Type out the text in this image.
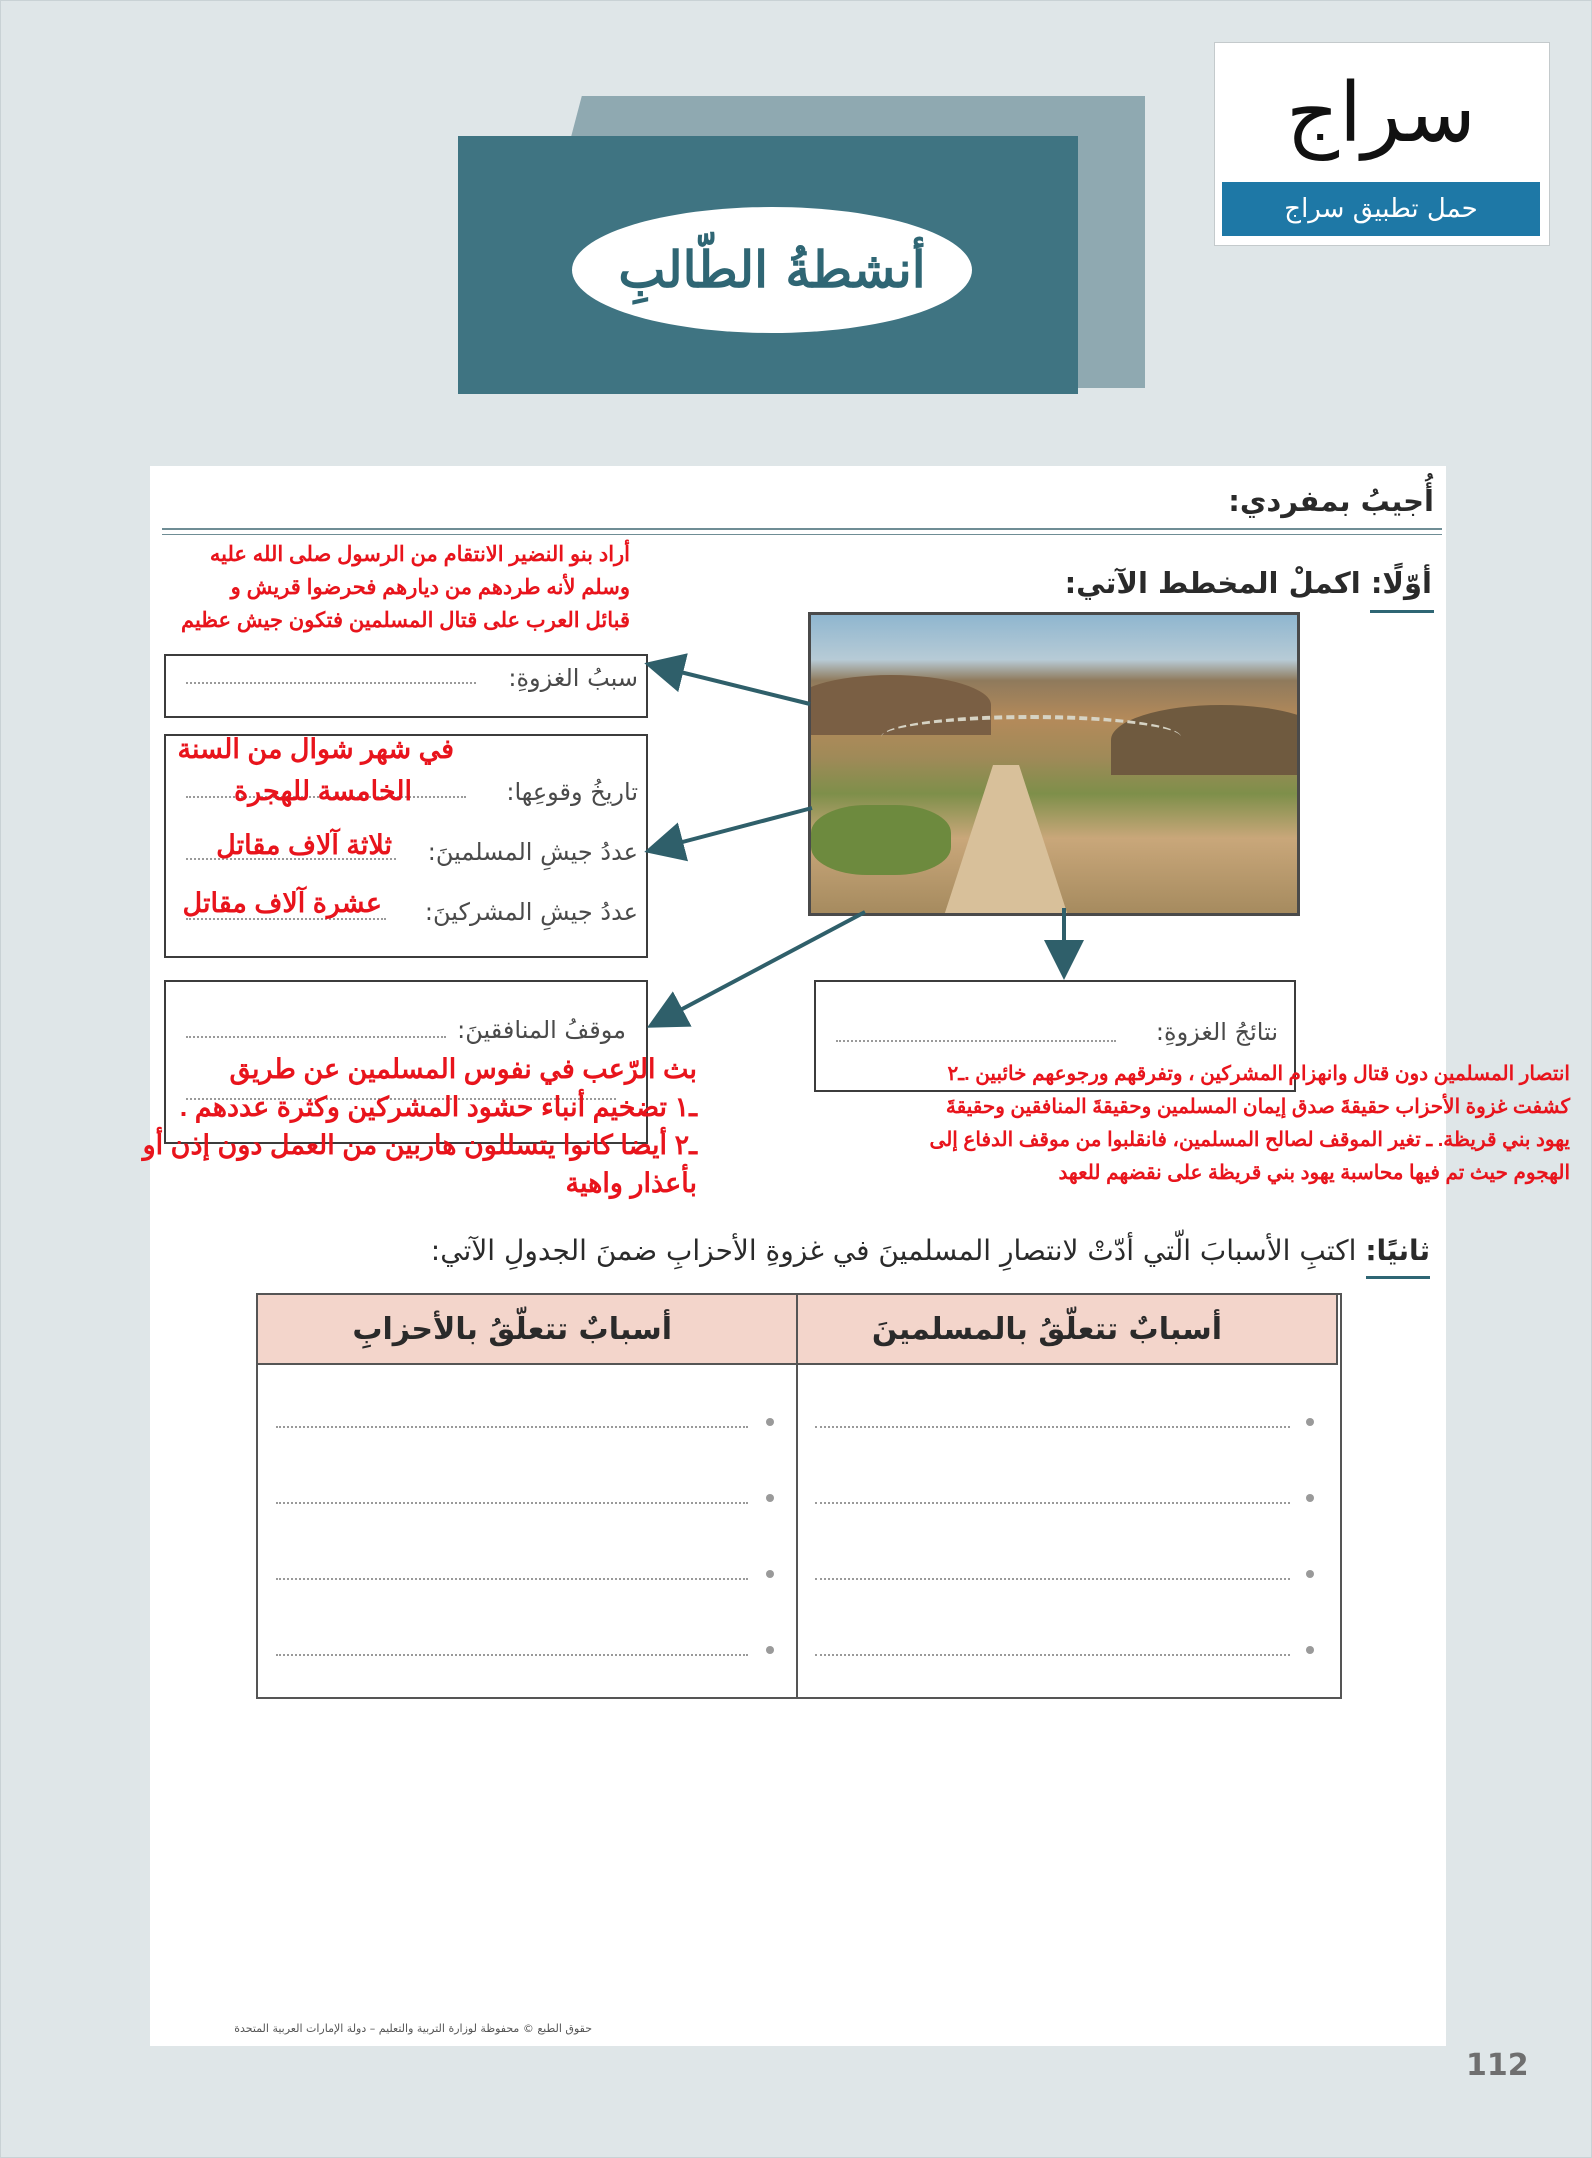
أنشطةُ الطّالبِ
سراج
حمل تطبيق سراج
أُجيبُ بمفردي:
أوّلًا: اكملْ المخطط الآتي:
سببُ الغزوةِ:
تاريخُ وقوعِها:
عددُ جيشِ المسلمينَ:
عددُ جيشِ المشركينَ:
موقفُ المنافقينَ:	نتائجُ الغزوةِ:
أراد بنو النضير الانتقام من الرسول صلى الله عليه
وسلم لأنه طردهم من ديارهم فحرضوا قريش و
قبائل العرب على قتال المسلمين فتكون جيش عظيم
في شهر شوال من السنة
الخامسة للهجرة
ثلاثة آلاف مقاتل
عشرة آلاف مقاتل
بث الرّعب في نفوس المسلمين عن طريق
ـ١ تضخيم أنباء حشود المشركين وكثرة عددهم .
ـ٢ أيضا كانوا يتسللون هاربين من العمل دون إذن أو
بأعذار واهية
انتصار المسلمين دون قتال وانهزام المشركين ، وتفرقهم ورجوعهم خائبين .ـ٢
كشفت غزوة الأحزاب حقيقةَ صدق إيمان المسلمين وحقيقةَ المنافقين وحقيقةَ
يهود بني قريظة. ـ تغير الموقف لصالح المسلمين، فانقلبوا من موقف الدفاع إلى
الهجوم حيث تم فيها محاسبة يهود بني قريظة على نقضهم للعهد
ثانيًا: اكتبِ الأسبابَ الّتي أدّتْ لانتصارِ المسلمينَ في غزوةِ الأحزابِ ضمنَ الجدولِ الآتي:
أسبابٌ تتعلّقُ بالمسلمينَ
أسبابٌ تتعلّقُ بالأحزابِ
حقوق الطبع © محفوظة لوزارة التربية والتعليم – دولة الإمارات العربية المتحدة
112
